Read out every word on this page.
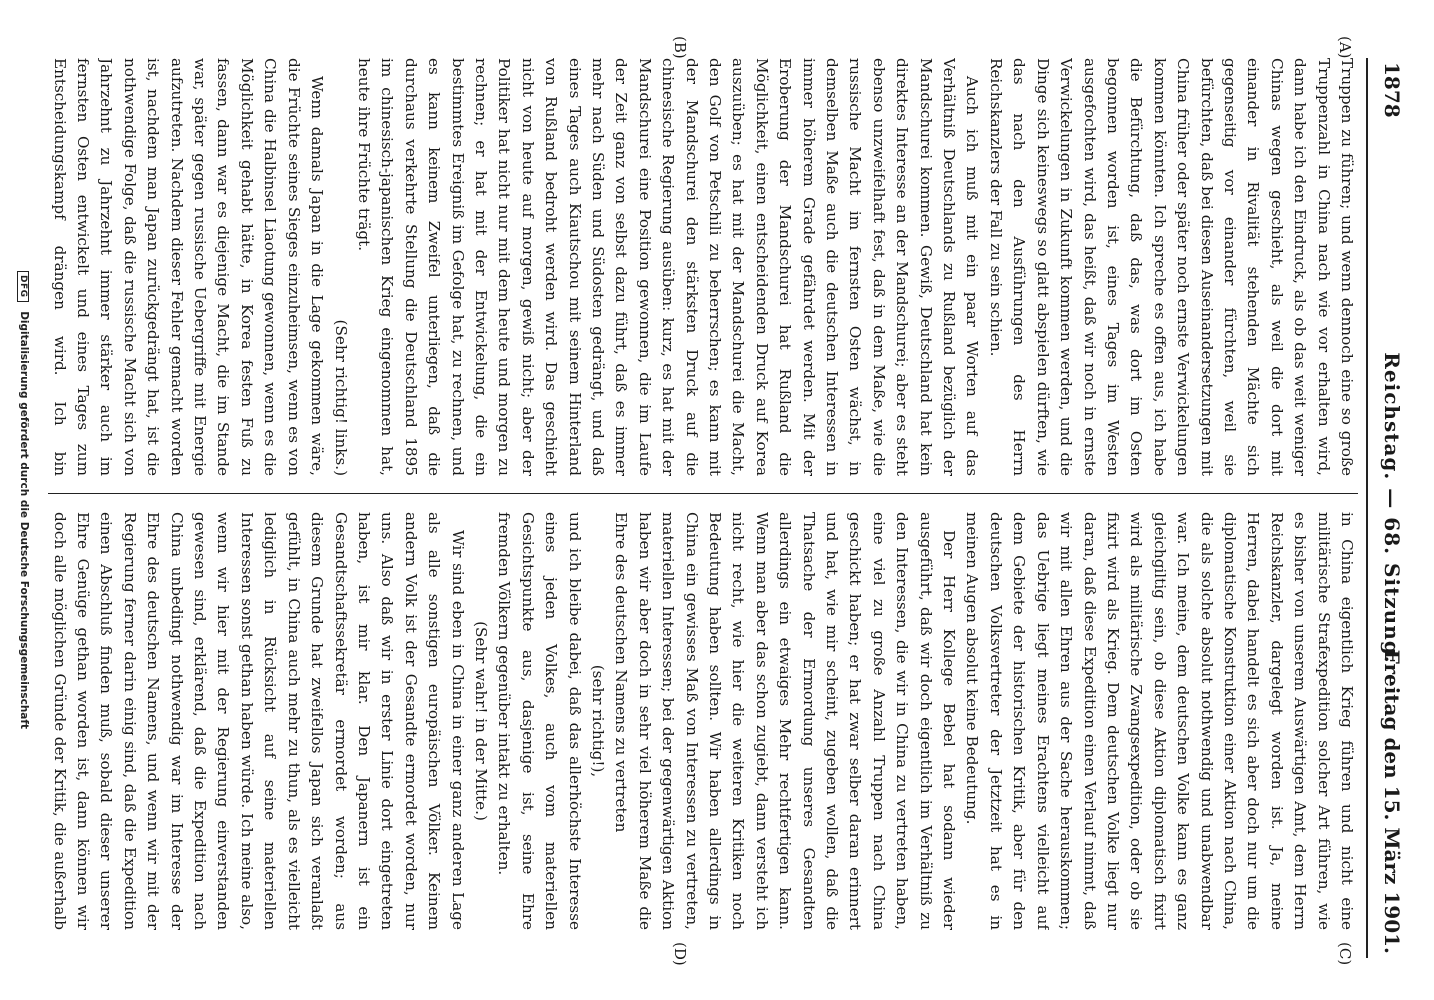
1878
Reichstag. — 68. Sitzung.
Freitag den 15. März 1901.
(A)
(B)
(C)
(D)

Truppen zu führen; und wenn dennoch eine so große Truppenzahl in China nach wie vor erhalten wird, dann habe ich den Eindruck, als ob das weit weniger Chinas wegen geschieht, als weil die dort mit einander in Rivalität stehenden Mächte sich gegenseitig vor einander fürchten, weil sie befürchten, daß bei diesen Auseinandersetzungen mit China früher oder später noch ernste Verwickelungen kommen könnten. Ich spreche es offen aus, ich habe die Befürchtung, daß das, was dort im Osten begonnen worden ist, eines Tages im Westen ausgefochten wird, das heißt, daß wir noch in ernste Verwickelungen in Zukunft kommen werden, und die Dinge sich keineswegs so glatt abspielen dürften, wie das nach den Ausführungen des Herrn Reichskanzlers der Fall zu sein schien.

Auch ich muß mit ein paar Worten auf das Verhältniß Deutschlands zu Rußland bezüglich der Mandschurei kommen. Gewiß, Deutschland hat kein direktes Interesse an der Mandschurei; aber es steht ebenso unzweifelhaft fest, daß in dem Maße, wie die russische Macht im fernsten Osten wächst, in demselben Maße auch die deutschen Interessen in immer höherem Grade gefährdet werden. Mit der Eroberung der Mandschurei hat Rußland die Möglichkeit, einen entscheidenden Druck auf Korea auszuüben; es hat mit der Mandschurei die Macht, den Golf von Petschili zu beherrschen; es kann mit der Mandschurei den stärksten Druck auf die chinesische Regierung ausüben: kurz, es hat mit der Mandschurei eine Position gewonnen, die im Laufe der Zeit ganz von selbst dazu führt, daß es immer mehr nach Süden und Südosten gedrängt, und daß eines Tages auch Kiautschou mit seinem Hinterland von Rußland bedroht werden wird. Das geschieht nicht von heute auf morgen, gewiß nicht; aber der Politiker hat nicht nur mit dem heute und morgen zu rechnen; er hat mit der Entwickelung, die ein bestimmtes Ereigniß im Gefolge hat, zu rechnen, und es kann keinem Zweifel unterliegen, daß die durchaus verkehrte Stellung die Deutschland 1895 im chinesisch-japanischen Krieg eingenommen hat, heute ihre Früchte trägt.

(Sehr richtig! links.)

Wenn damals Japan in die Lage gekommen wäre, die Früchte seines Sieges einzuheimsen, wenn es von China die Halbinsel Liaotung gewonnen, wenn es die Möglichkeit gehabt hätte, in Korea festen Fuß zu fassen, dann war es diejenige Macht, die im Stande war, später gegen russische Uebergriffe mit Energie aufzutreten. Nachdem dieser Fehler gemacht worden ist, nachdem man Japan zurückgedrängt hat, ist die nothwendige Folge, daß die russische Macht sich von Jahrzehnt zu Jahrzehnt immer stärker auch im fernsten Osten entwickelt und eines Tages zum Entscheidungskampf drängen wird. Ich bin

in China eigentlich Krieg führen und nicht eine militärische Strafexpedition solcher Art führen, wie es bisher von unserem Auswärtigen Amt, dem Herrn Reichskanzler, dargelegt worden ist. Ja, meine Herren, dabei handelt es sich aber doch nur um die diplomatische Konstruktion einer Aktion nach China, die als solche absolut nothwendig und unabwendbar war. Ich meine, dem deutschen Volke kann es ganz gleichgiltig sein, ob diese Aktion diplomatisch fixirt wird als militärische Zwangsexpedition, oder ob sie fixirt wird als Krieg. Dem deutschen Volke liegt nur daran, daß diese Expedition einen Verlauf nimmt, daß wir mit allen Ehren aus der Sache herauskommen; das Uebrige liegt meines Erachtens vielleicht auf dem Gebiete der historischen Kritik, aber für den deutschen Volksvertreter der Jetztzeit hat es in meinen Augen absolut keine Bedeutung.

Der Herr Kollege Bebel hat sodann wieder ausgeführt, daß wir doch eigentlich im Verhältniß zu den Interessen, die wir in China zu vertreten haben, eine viel zu große Anzahl Truppen nach China geschickt haben; er hat zwar selber daran erinnert und hat, wie mir scheint, zugeben wollen, daß die Thatsache der Ermordung unseres Gesandten allerdings ein etwaiges Mehr rechtfertigen kann. Wenn man aber das schon zugiebt, dann versteht ich nicht recht, wie hier die weiteren Kritiken noch Bedeutung haben sollten. Wir haben allerdings in China ein gewisses Maß von Interessen zu vertreten, materiellen Interessen; bei der gegenwärtigen Aktion haben wir aber doch in sehr viel höherem Maße die Ehre des deutschen Namens zu vertreten

(sehr richtig!),

und ich bleibe dabei, daß das allerhöchste Interesse eines jeden Volkes, auch vom materiellen Gesichtspunkte aus, dasjenige ist, seine Ehre fremden Völkern gegenüber intakt zu erhalten.

(Sehr wahr! in der Mitte.)

Wir sind eben in China in einer ganz anderen Lage als alle sonstigen europäischen Völker. Keinem andern Volk ist der Gesandte ermordet worden, nur uns. Also daß wir in erster Linie dort eingetreten haben, ist mir klar. Den Japanern ist ein Gesandtschaftssekretär ermordet worden; aus diesem Grunde hat zweifellos Japan sich veranlaßt gefühlt, in China auch mehr zu thun, als es vielleicht lediglich in Rücksicht auf seine materiellen Interessen sonst gethan haben würde. Ich meine also, wenn wir hier mit der Regierung einverstanden gewesen sind, erklärend, daß die Expedition nach China unbedingt nothwendig war im Interesse der Ehre des deutschen Namens, und wenn wir mit der Regierung ferner darin einig sind, daß die Expedition einen Abschluß finden muß, sobald dieser unserer Ehre Genüge gethan worden ist, dann können wir doch alle möglichen Gründe der Kritik, die außerhalb

DFG Digitalisierung gefördert durch die Deutsche Forschungsgemeinschaft
